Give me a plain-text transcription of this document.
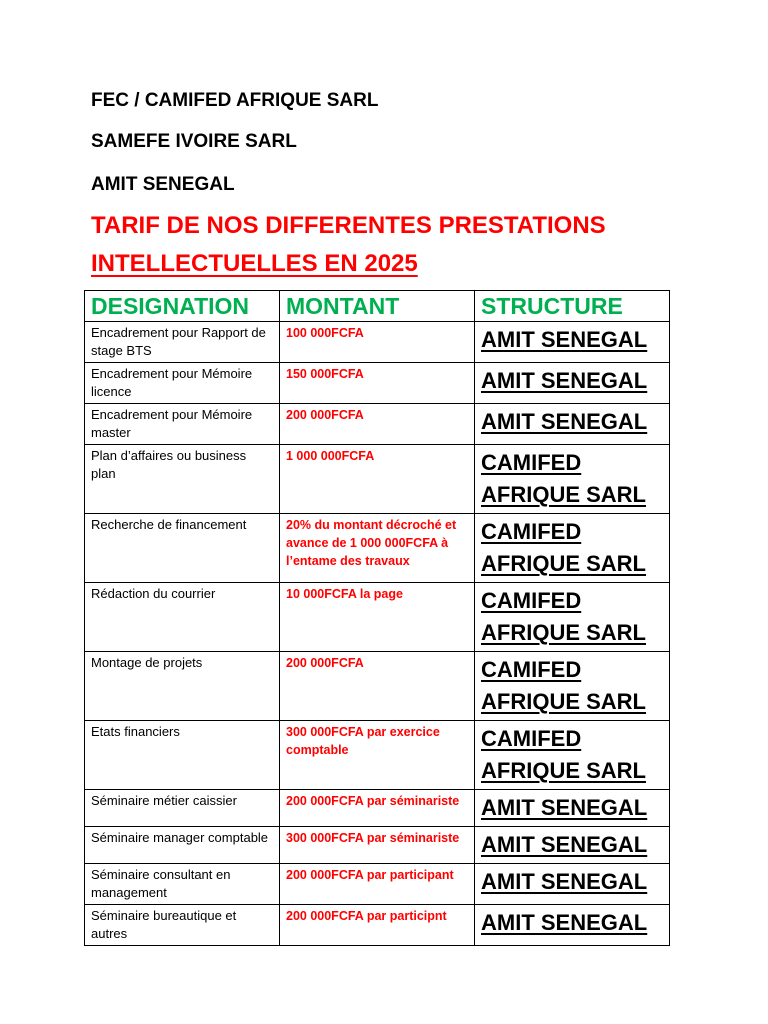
FEC / CAMIFED AFRIQUE SARL
SAMEFE IVOIRE SARL
AMIT SENEGAL
TARIF DE NOS DIFFERENTES PRESTATIONS
INTELLECTUELLES EN 2025
DESIGNATION	MONTANT	STRUCTURE
Encadrement pour Rapport de stage BTS	100 000FCFA	AMIT SENEGAL
Encadrement pour Mémoire licence	150 000FCFA	AMIT SENEGAL
Encadrement pour Mémoire master	200 000FCFA	AMIT SENEGAL
Plan d’affaires ou business plan	1 000 000FCFA	CAMIFED AFRIQUE SARL
Recherche de financement	20% du montant décroché et avance de 1 000 000FCFA à l’entame des travaux	CAMIFED AFRIQUE SARL
Rédaction du courrier	10 000FCFA la page	CAMIFED AFRIQUE SARL
Montage de projets	200 000FCFA	CAMIFED AFRIQUE SARL
Etats financiers	300 000FCFA par exercice comptable	CAMIFED AFRIQUE SARL
Séminaire métier caissier	200 000FCFA par séminariste	AMIT SENEGAL
Séminaire manager comptable	300 000FCFA par séminariste	AMIT SENEGAL
Séminaire consultant en management	200 000FCFA par participant	AMIT SENEGAL
Séminaire bureautique et autres	200 000FCFA par participnt	AMIT SENEGAL
